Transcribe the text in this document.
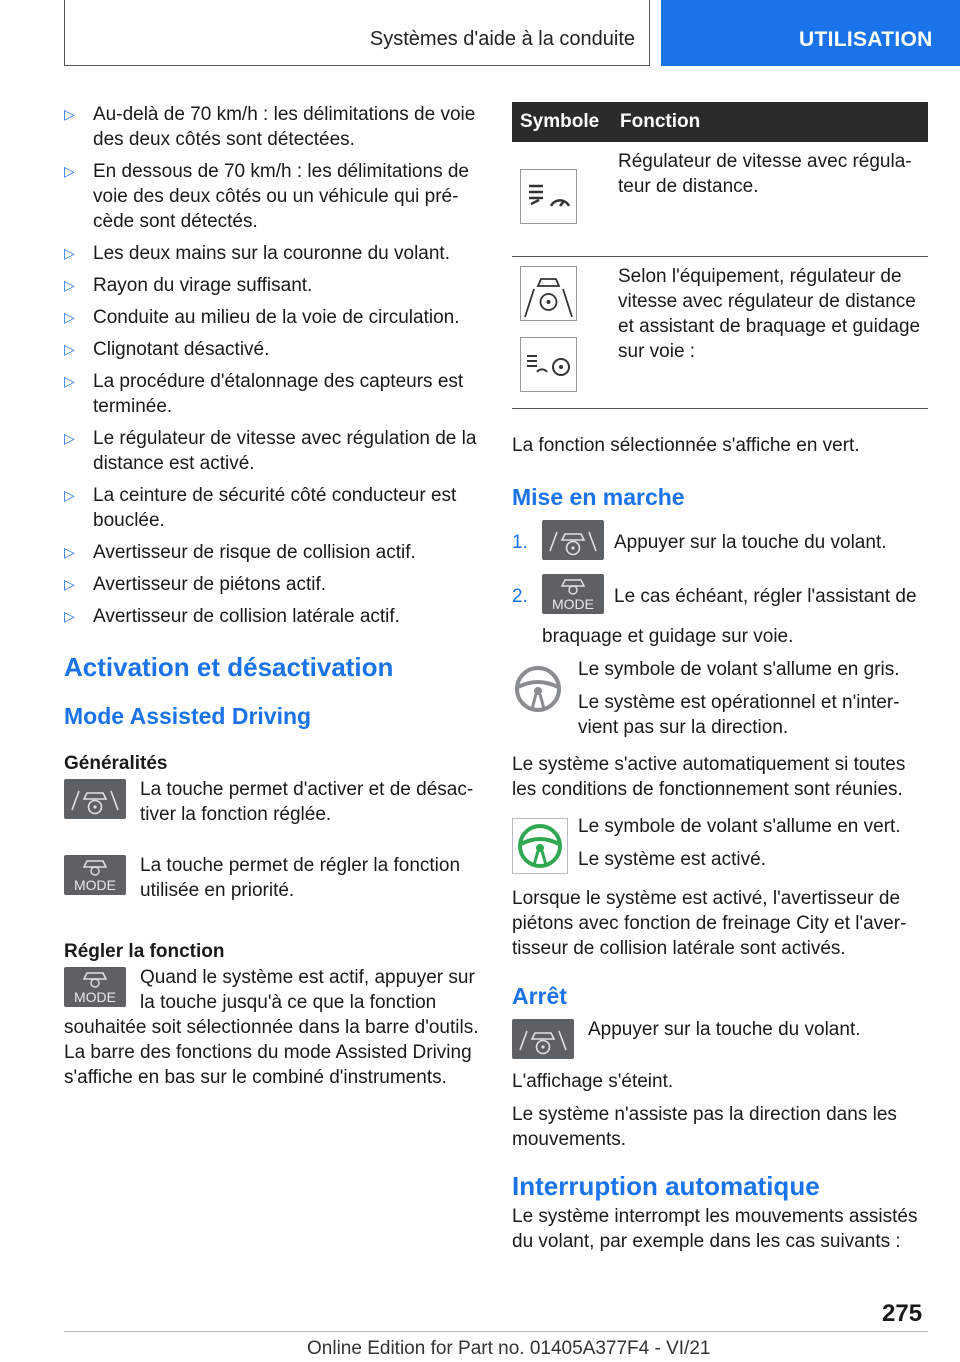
Systèmes d'aide à la conduite	UTILISATION
▷ Au-delà de 70 km/h : les délimitations de voie des deux côtés sont détectées.
▷ En dessous de 70 km/h : les délimitations de voie des deux côtés ou un véhicule qui pré-cède sont détectés.
▷ Les deux mains sur la couronne du volant.
▷ Rayon du virage suffisant.
▷ Conduite au milieu de la voie de circulation.
▷ Clignotant désactivé.
▷ La procédure d'étalonnage des capteurs est terminée.
▷ Le régulateur de vitesse avec régulation de la distance est activé.
▷ La ceinture de sécurité côté conducteur est bouclée.
▷ Avertisseur de risque de collision actif.
▷ Avertisseur de piétons actif.
▷ Avertisseur de collision latérale actif.
Activation et désactivation
Mode Assisted Driving
Généralités

La touche permet d'activer et de désac-tiver la fonction réglée.

MODE

La touche permet de régler la fonction utilisée en priorité.

Régler la fonction
MODE

Quand le système est actif, appuyer sur la touche jusqu'à ce que la fonction souhaitée soit sélectionnée dans la barre d'outils.

La barre des fonctions du mode Assisted Driving s'affiche en bas sur le combiné d'instruments.

Symbole	Fonction

	Régulateur de vitesse avec régula-teur de distance.

	Selon l'équipement, régulateur de vitesse avec régulateur de distance et assistant de braquage et guidage sur voie :

La fonction sélectionnée s'affiche en vert.

Mise en marche
1.	Appuyer sur la touche du volant.
2. MODE Le cas échéant, régler l'assistant de braquage et guidage sur voie.

Le symbole de volant s'allume en gris.

Le système est opérationnel et n'inter-vient pas sur la direction.

Le système s'active automatiquement si toutes les conditions de fonctionnement sont réunies.

Le symbole de volant s'allume en vert.

Le système est activé.

Lorsque le système est activé, l'avertisseur de piétons avec fonction de freinage City et l'aver-tisseur de collision latérale sont activés.

Arrêt

Appuyer sur la touche du volant.

L'affichage s'éteint.

Le système n'assiste pas la direction dans les mouvements.

Interruption automatique

Le système interrompt les mouvements assistés du volant, par exemple dans les cas suivants :

275
Online Edition for Part no. 01405A377F4 - VI/21
